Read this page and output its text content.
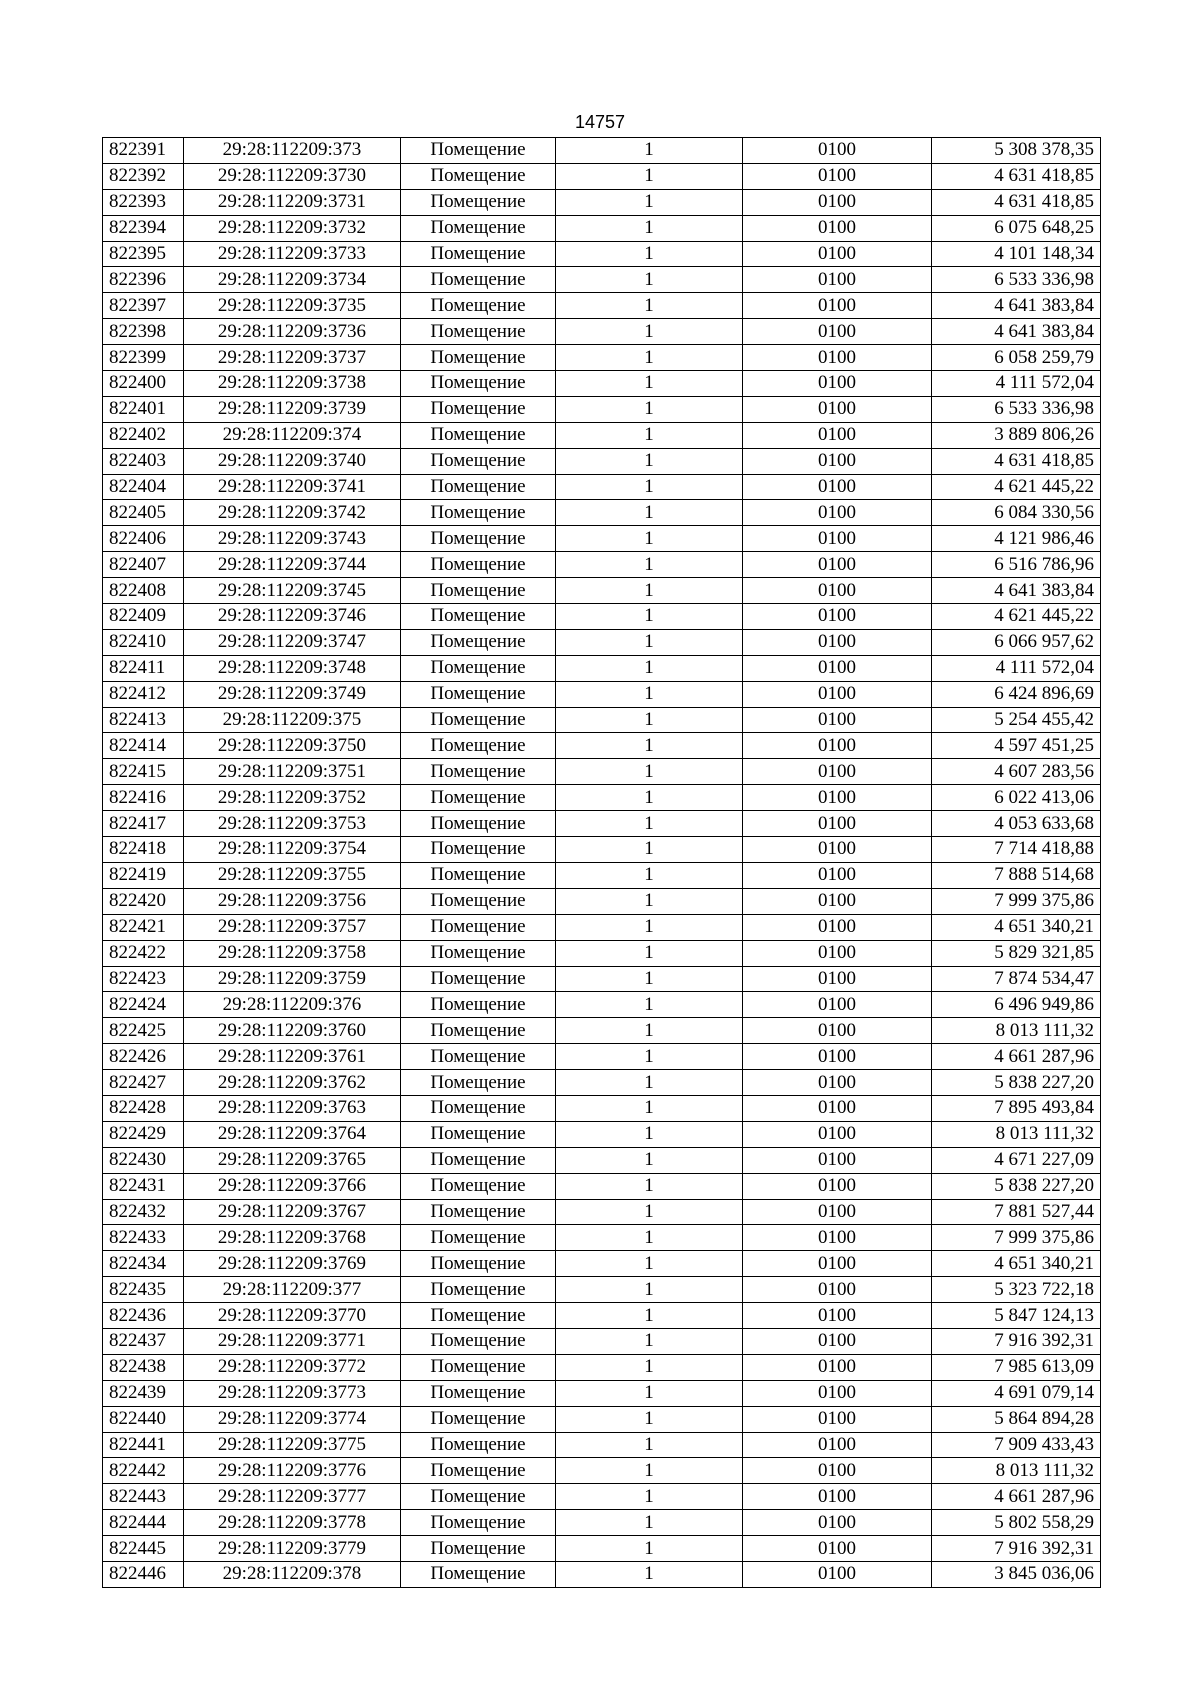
14757
822391	29:28:112209:373	Помещение	1	0100	5 308 378,35
822392	29:28:112209:3730	Помещение	1	0100	4 631 418,85
822393	29:28:112209:3731	Помещение	1	0100	4 631 418,85
822394	29:28:112209:3732	Помещение	1	0100	6 075 648,25
822395	29:28:112209:3733	Помещение	1	0100	4 101 148,34
822396	29:28:112209:3734	Помещение	1	0100	6 533 336,98
822397	29:28:112209:3735	Помещение	1	0100	4 641 383,84
822398	29:28:112209:3736	Помещение	1	0100	4 641 383,84
822399	29:28:112209:3737	Помещение	1	0100	6 058 259,79
822400	29:28:112209:3738	Помещение	1	0100	4 111 572,04
822401	29:28:112209:3739	Помещение	1	0100	6 533 336,98
822402	29:28:112209:374	Помещение	1	0100	3 889 806,26
822403	29:28:112209:3740	Помещение	1	0100	4 631 418,85
822404	29:28:112209:3741	Помещение	1	0100	4 621 445,22
822405	29:28:112209:3742	Помещение	1	0100	6 084 330,56
822406	29:28:112209:3743	Помещение	1	0100	4 121 986,46
822407	29:28:112209:3744	Помещение	1	0100	6 516 786,96
822408	29:28:112209:3745	Помещение	1	0100	4 641 383,84
822409	29:28:112209:3746	Помещение	1	0100	4 621 445,22
822410	29:28:112209:3747	Помещение	1	0100	6 066 957,62
822411	29:28:112209:3748	Помещение	1	0100	4 111 572,04
822412	29:28:112209:3749	Помещение	1	0100	6 424 896,69
822413	29:28:112209:375	Помещение	1	0100	5 254 455,42
822414	29:28:112209:3750	Помещение	1	0100	4 597 451,25
822415	29:28:112209:3751	Помещение	1	0100	4 607 283,56
822416	29:28:112209:3752	Помещение	1	0100	6 022 413,06
822417	29:28:112209:3753	Помещение	1	0100	4 053 633,68
822418	29:28:112209:3754	Помещение	1	0100	7 714 418,88
822419	29:28:112209:3755	Помещение	1	0100	7 888 514,68
822420	29:28:112209:3756	Помещение	1	0100	7 999 375,86
822421	29:28:112209:3757	Помещение	1	0100	4 651 340,21
822422	29:28:112209:3758	Помещение	1	0100	5 829 321,85
822423	29:28:112209:3759	Помещение	1	0100	7 874 534,47
822424	29:28:112209:376	Помещение	1	0100	6 496 949,86
822425	29:28:112209:3760	Помещение	1	0100	8 013 111,32
822426	29:28:112209:3761	Помещение	1	0100	4 661 287,96
822427	29:28:112209:3762	Помещение	1	0100	5 838 227,20
822428	29:28:112209:3763	Помещение	1	0100	7 895 493,84
822429	29:28:112209:3764	Помещение	1	0100	8 013 111,32
822430	29:28:112209:3765	Помещение	1	0100	4 671 227,09
822431	29:28:112209:3766	Помещение	1	0100	5 838 227,20
822432	29:28:112209:3767	Помещение	1	0100	7 881 527,44
822433	29:28:112209:3768	Помещение	1	0100	7 999 375,86
822434	29:28:112209:3769	Помещение	1	0100	4 651 340,21
822435	29:28:112209:377	Помещение	1	0100	5 323 722,18
822436	29:28:112209:3770	Помещение	1	0100	5 847 124,13
822437	29:28:112209:3771	Помещение	1	0100	7 916 392,31
822438	29:28:112209:3772	Помещение	1	0100	7 985 613,09
822439	29:28:112209:3773	Помещение	1	0100	4 691 079,14
822440	29:28:112209:3774	Помещение	1	0100	5 864 894,28
822441	29:28:112209:3775	Помещение	1	0100	7 909 433,43
822442	29:28:112209:3776	Помещение	1	0100	8 013 111,32
822443	29:28:112209:3777	Помещение	1	0100	4 661 287,96
822444	29:28:112209:3778	Помещение	1	0100	5 802 558,29
822445	29:28:112209:3779	Помещение	1	0100	7 916 392,31
822446	29:28:112209:378	Помещение	1	0100	3 845 036,06
